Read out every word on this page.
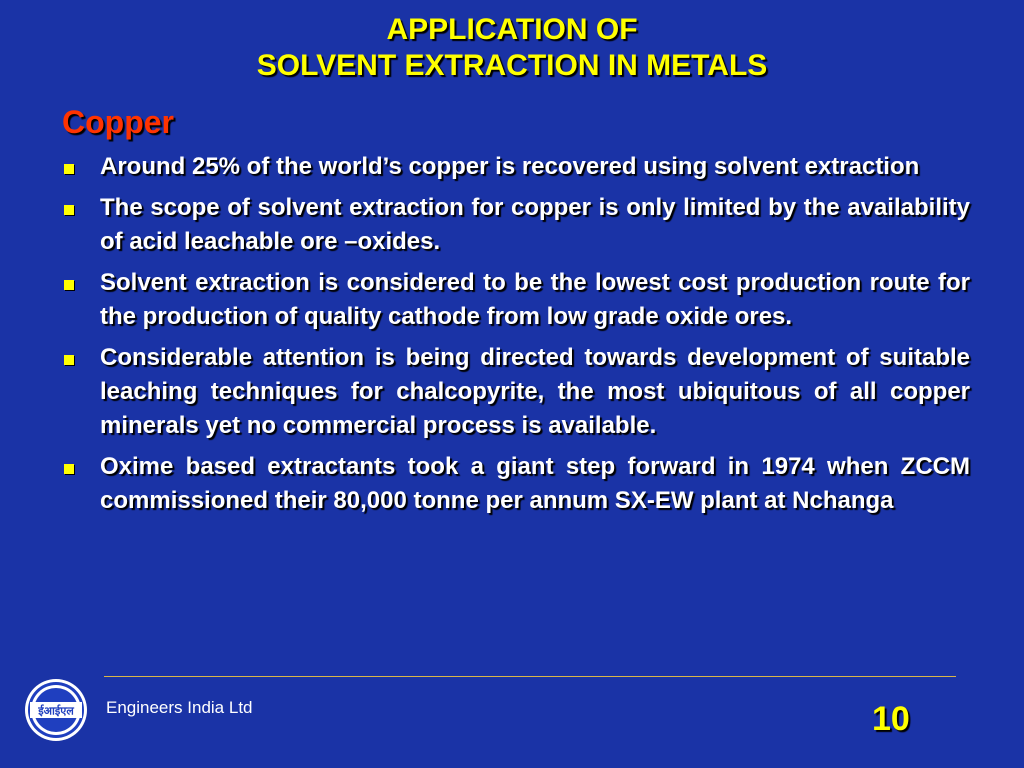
APPLICATION OF
SOLVENT EXTRACTION IN METALS
Copper
Around 25% of the world’s copper is recovered using solvent extraction
The scope of solvent extraction for copper is only limited by the availability of acid leachable ore –oxides.
Solvent extraction is considered to be the lowest cost production route for the production of quality cathode from low grade oxide ores.
Considerable attention is being directed towards development of suitable leaching techniques for chalcopyrite, the most ubiquitous of all copper minerals yet no commercial process is available.
Oxime based extractants took a giant step forward in 1974 when ZCCM commissioned their 80,000 tonne per annum SX-EW plant at Nchanga
ईआईएल Engineers India Ltd	10
